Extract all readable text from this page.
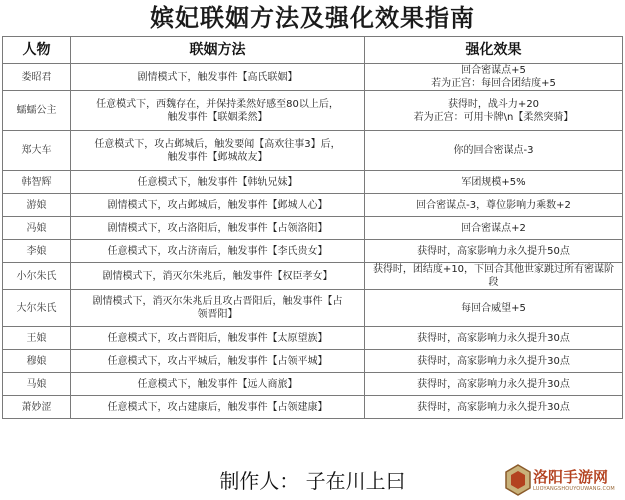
嫔妃联姻方法及强化效果指南
人物	联姻方法	强化效果
娄昭君	剧情模式下，触发事件【高氏联姻】	回合密谋点+5
若为正宫：每回合团结度+5
蠕蠕公主	任意模式下，西魏存在，并保持柔然好感至80以上后，
触发事件【联姻柔然】	获得时，战斗力+20
若为正宫：可用卡牌\n【柔然突骑】
郑大车	任意模式下，攻占邺城后，触发要闻【高欢往事3】后，
触发事件【邺城故友】	你的回合密谋点-3
韩智辉	任意模式下，触发事件【韩轨兄妹】	军团规模+5%
游娘	剧情模式下，攻占邺城后，触发事件【邺城人心】	回合密谋点-3，尊位影响力乘数+2
冯娘	剧情模式下，攻占洛阳后，触发事件【占领洛阳】	回合密谋点+2
李娘	任意模式下，攻占济南后，触发事件【李氏贵女】	获得时，高家影响力永久提升50点
小尔朱氏	剧情模式下，消灭尔朱兆后，触发事件【权臣孝女】	获得时，团结度+10，下回合其他世家跳过所有密谋阶段
大尔朱氏	剧情模式下，消灭尔朱兆后且攻占晋阳后，触发事件【占
领晋阳】	每回合威望+5
王娘	任意模式下，攻占晋阳后，触发事件【太原望族】	获得时，高家影响力永久提升30点
穆娘	任意模式下，攻占平城后，触发事件【占领平城】	获得时，高家影响力永久提升30点
马娘	任意模式下，触发事件【远人商旅】	获得时，高家影响力永久提升30点
萧妙涩	任意模式下，攻占建康后，触发事件【占领建康】	获得时，高家影响力永久提升30点
制作人： 子在川上曰	洛阳手游网
LUOYANGSHOUYOUWANG.COM
